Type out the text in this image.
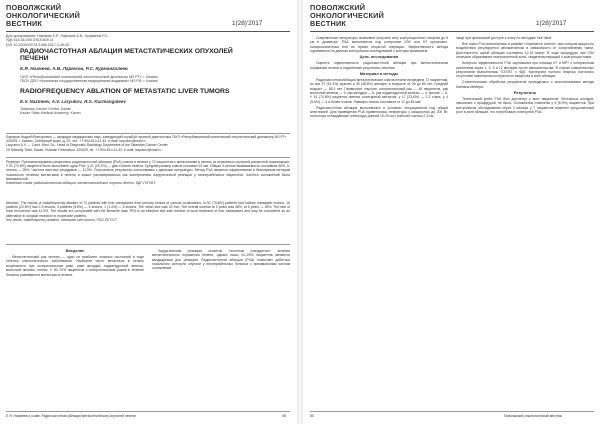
ПОВОЛЖСКИЙ
ОНКОЛОГИЧЕСКИЙ
ВЕСТНИК	1(28)'2017
Для цитирования: Назмеев Е.Р., Ларюков А.В., Курманов Р.С.
УДК 616.36-006.3:615.849.11
DOI 10.32000/2078-1466-2017-1-49-52
РАДИОЧАСТОТНАЯ АБЛАЦИЯ МЕТАСТАТИЧЕСКИХ ОПУХОЛЕЙ
ПЕЧЕНИ
Е.Я. Назмеев, А.В. Ларюков, Р.С. Курмангалеев
ГАУЗ «Республиканский клинический онкологический диспансер МЗ РТ», г. Казань
ГБОУ ДПО «Казанская государственная медицинская академия» МЗ РФ, г. Казань
RADIOFREQUENCY ABLATION OF METASTATIC LIVER TUMORS
E.V. Nazmeev, A.V. Laryukov, R.S. Kurmangaleev
Tatarstan Cancer Center, Kazan
Kazan State Medical Academy, Kazan
Ларюков Андрей Викторович — кандидат медицинских наук, заведующий службой лучевой диагностики ГАУЗ «Республиканский клинический онкологический диспансер МЗ РТ»
420029, г. Казань, Сибирский тракт, д. 29, тел. +7-904-614-11-42, e-mail: laryukov@mail.ru
Laryukov A.V. — Cand. Med. Sc., Head of Diagnostic Radiology Department of the Tatarstan Cancer Center
29 Sibirskiy Trakt, Kazan, Russian Federation, 420029, tel. +7-904-614-11-42, e-mail: laryukov@mail.ru
Реферат. Проанализированы результаты радиочастотной абляции (РЧА) очагов в печени у 72 пациентов с метастазами в печень из первичных опухолей различной локализации. У 51 (70,8%) пациента было выполнено одна РЧА, у 21 (29,2%) — два и более сеанса. Средний размер очагов составил 22 мм. Общая 3-летняя выживаемость составила 46%, 5-летняя — 28%. Частота местных рецидивов — 11,9%. Полученные результаты сопоставимы с данными литературы. Метод РЧА является эффективным и безопасным методом локального лечения метастазов в печени и может рассматриваться как альтернатива хирургической резекции у неоперабельных пациентов. Частота осложнений была минимальной.
Ключевые слова: радиочастотная абляция, метастатические опухоли печени, ФДГ-ПЭТ/КТ.
Abstract. The results of radiofrequency ablation of 72 patients with liver metastases from primary tumors of various localizations. In 51 (70.8%) patients had solitary metastatic lesions, 16 patients (22.6%) had 2-3 lesions, 4 patients (5.6%) — 4 lesions, 1 (1.4%) — 6 lesions. The mean size was 22 mm. The overall survival at 3 years was 46%, at 5 years — 28%. The rate of local recurrence was 11.9%. The results are comparable with the literature data. RFA is an effective and safe method of local treatment of liver metastases and may be considered as an alternative to surgical resection in inoperable patients.
Key words: radiofrequency ablation, metastatic liver tumors, FDG-PET/CT.

Введение

Метастатический рак печени — одно из наиболее опасных состояний в ходе течения онкологического заболевания. Наиболее часто метастазы в печень встречаются при колоректальном раке, раке желудка, поджелудочной железы, молочной железы, легких. У 50–70% пациентов с колоректальным раком в течение болезни развиваются метастазы в печени.

Хирургическая резекция остаётся «золотым стандартом» лечения метастатического поражения печени, однако лишь 10–25% пациентов являются кандидатами для резекции. Радиочастотная абляция (РЧА) позволяет добиться локального контроля опухоли у неоперабельных больных с минимальным числом осложнений.

Е.Я. Назмеев и соавт. Радиочастотная абляция метастатических опухолей печени	49
ПОВОЛЖСКИЙ
ОНКОЛОГИЧЕСКИЙ
ВЕСТНИК	1(28)'2017

Современные генераторы позволяют получать зону коагуляционного некроза до 5 см в диаметре. РЧА выполняется под контролем УЗИ или КТ чрескожно, лапароскопически или во время открытой операции. Эффективность метода оценивается по данным контрольных исследований с контрастированием.

Цель исследования

Оценить эффективность радиочастотной абляции при метастатическом поражении печени и отдалённые результаты лечения.

Материал и методы

Радиочастотная абляция метастатических очагов печени проведена 72 пациентам, из них 37 (51,4%) мужчин и 35 (48,6%) женщин, в возрасте от 26 до 80 лет. Средний возраст — 58,3 лет. Первичные опухоли: колоректальный рак — 45 пациентов, рак молочной железы — 9, рак желудка — 6, рак поджелудочной железы — 4, прочие — 8. У 51 (70,8%) пациента имелся солитарный метастаз, у 17 (23,6%) — 2-3 очага, у 4 (5,6%) — 4 и более очагов. Размеры очагов составили от 11 до 55 мм.

Радиочастотная абляция выполнялась в условиях операционной под общей анестезией. Для проведения РЧА применялись генераторы с мощностью до 200 Вт, используя охлаждаемые электроды длиной 15-25 см с рабочей частью 2-3 см.

чаще при чрескожной доступе к очагу по методике free hand.

Все очаги РЧА выполнялись в режиме «Impedance control», при котором мощность воздействия регулируется автоматически в зависимости от сопротивления ткани. Длительность одной абляции составила 12-15 минут. В ходе процедуры при УЗИ отмечали образование гиперэхогенной зоны, свидетельствующей о коагуляции ткани.

Контроль эффективности РЧА оценивался при помощи КТ и МРТ с контрастным усилением через 1, 3, 6 и 12 месяцев после вмешательства. В случае сомнительных результатов выполнялась ПЭТ/КТ с ФДГ. Критерием полного некроза считалось отсутствие накопления контрастного вещества в зоне абляции.

Статистическая обработка результатов проводилась с использованием метода Каплана-Мейера.

Результаты

Технический успех РЧА был достигнут у всех пациентов. Летальных исходов, связанных с процедурой, не было. Осложнения отмечены у 5 (6,9%) пациентов. При контрольном обследовании через 3 месяца у 7 пациентов выявлен продолженный рост в зоне абляции, что потребовало повторной РЧА.

50	Поволжский онкологический вестник
